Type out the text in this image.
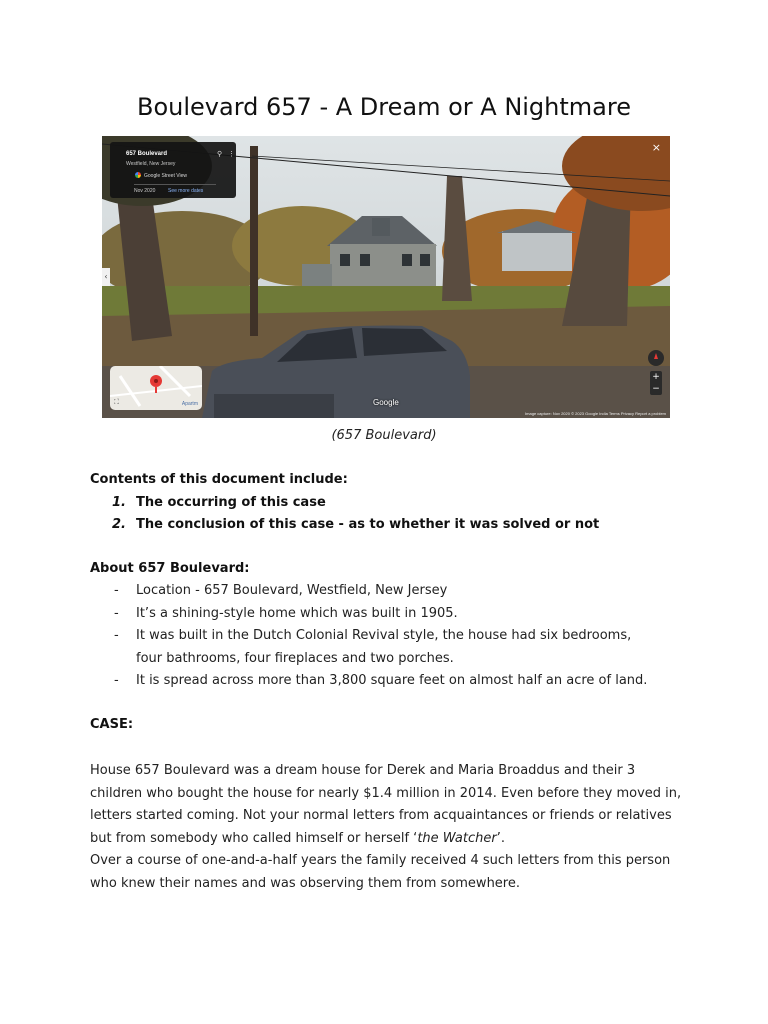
Boulevard 657 - A Dream or A Nightmare
657 Boulevard
Westfield, New Jersey
⚲ ⋮
Google Street View
Nov 2020	See more dates
×
‹
⛶	Apartm
+
−
Google
Image capture: Nov 2020 © 2023 Google India Terms Privacy Report a problem
(657 Boulevard)

Contents of this document include:

1. The occurring of this case
2. The conclusion of this case - as to whether it was solved or not

About 657 Boulevard:

- Location - 657 Boulevard, Westfield, New Jersey
- It’s a shining-style home which was built in 1905.
- It was built in the Dutch Colonial Revival style, the house had six bedrooms, four bathrooms, four fireplaces and two porches.
- It is spread across more than 3,800 square feet on almost half an acre of land.

CASE:

House 657 Boulevard was a dream house for Derek and Maria Broaddus and their 3 children who bought the house for nearly $1.4 million in 2014. Even before they moved in, letters started coming. Not your normal letters from acquaintances or friends or relatives but from somebody who called himself or herself ‘the Watcher’.
Over a course of one-and-a-half years the family received 4 such letters from this person who knew their names and was observing them from somewhere.
